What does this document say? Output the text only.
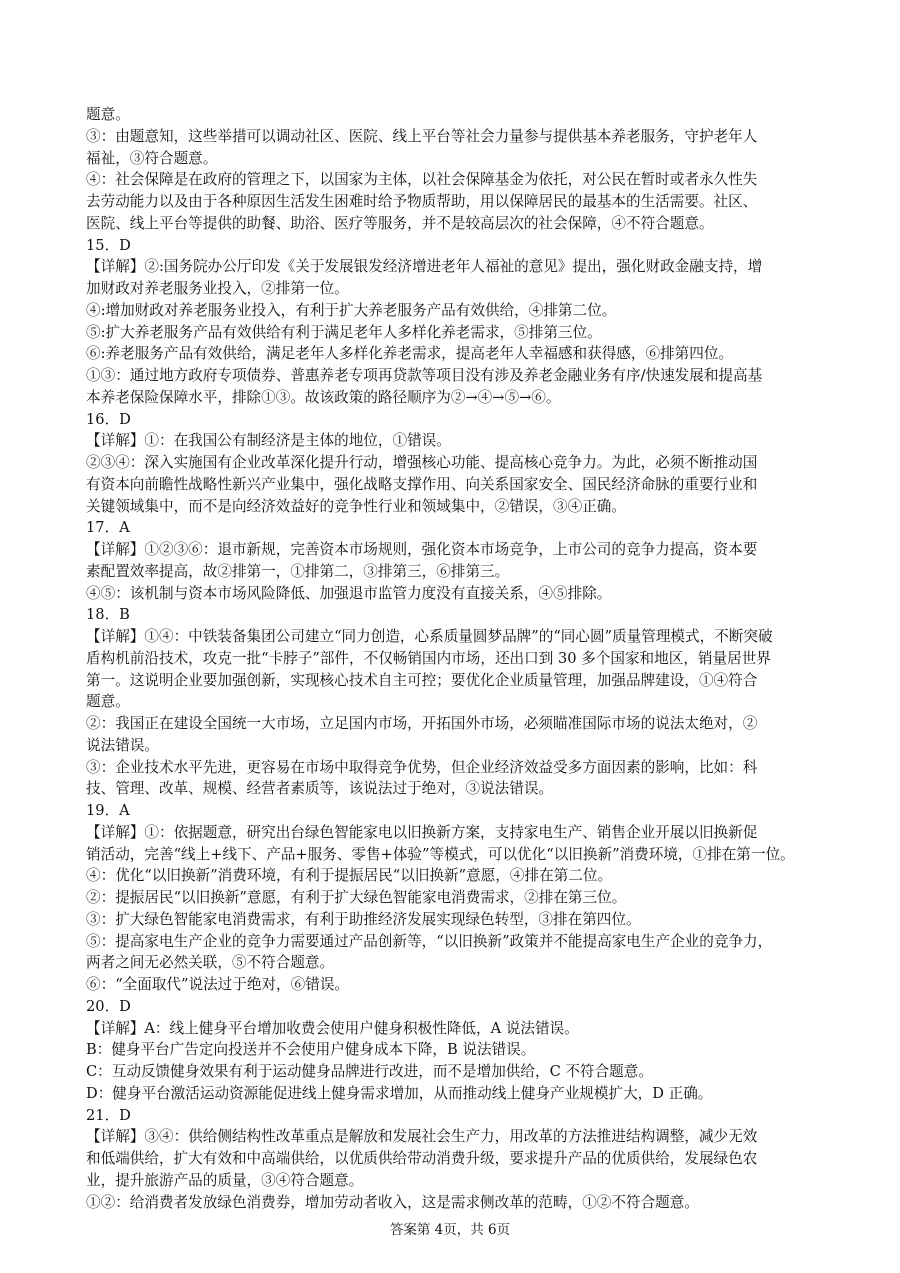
题意。
③：由题意知，这些举措可以调动社区、医院、线上平台等社会力量参与提供基本养老服务，守护老年人
福祉，③符合题意。
④：社会保障是在政府的管理之下，以国家为主体，以社会保障基金为依托，对公民在暂时或者永久性失
去劳动能力以及由于各种原因生活发生困难时给予物质帮助，用以保障居民的最基本的生活需要。社区、
医院、线上平台等提供的助餐、助浴、医疗等服务，并不是较高层次的社会保障，④不符合题意。
15．D
【详解】②:国务院办公厅印发《关于发展银发经济增进老年人福祉的意见》提出，强化财政金融支持，增
加财政对养老服务业投入，②排第一位。
④:增加财政对养老服务业投入，有利于扩大养老服务产品有效供给，④排第二位。
⑤:扩大养老服务产品有效供给有利于满足老年人多样化养老需求，⑤排第三位。
⑥:养老服务产品有效供给，满足老年人多样化养老需求，提高老年人幸福感和获得感，⑥排第四位。
①③：通过地方政府专项债券、普惠养老专项再贷款等项目没有涉及养老金融业务有序/快速发展和提高基
本养老保险保障水平，排除①③。故该政策的路径顺序为②→④→⑤→⑥。
16．D
【详解】①：在我国公有制经济是主体的地位，①错误。
②③④：深入实施国有企业改革深化提升行动，增强核心功能、提高核心竞争力。为此，必须不断推动国
有资本向前瞻性战略性新兴产业集中，强化战略支撑作用、向关系国家安全、国民经济命脉的重要行业和
关键领域集中，而不是向经济效益好的竞争性行业和领域集中，②错误，③④正确。
17．A
【详解】①②③⑥：退市新规，完善资本市场规则，强化资本市场竞争，上市公司的竞争力提高，资本要
素配置效率提高，故②排第一，①排第二，③排第三，⑥排第三。
④⑤：该机制与资本市场风险降低、加强退市监管力度没有直接关系，④⑤排除。
18．B
【详解】①④：中铁装备集团公司建立“同力创造，心系质量圆梦品牌”的“同心圆”质量管理模式，不断突破
盾构机前沿技术，攻克一批“卡脖子”部件，不仅畅销国内市场，还出口到 30 多个国家和地区，销量居世界
第一。这说明企业要加强创新，实现核心技术自主可控；要优化企业质量管理，加强品牌建设，①④符合
题意。
②：我国正在建设全国统一大市场，立足国内市场，开拓国外市场，必须瞄准国际市场的说法太绝对，②
说法错误。
③：企业技术水平先进，更容易在市场中取得竞争优势，但企业经济效益受多方面因素的影响，比如：科
技、管理、改革、规模、经营者素质等，该说法过于绝对，③说法错误。
19．A
【详解】①：依据题意，研究出台绿色智能家电以旧换新方案，支持家电生产、销售企业开展以旧换新促
销活动，完善“线上+线下、产品+服务、零售+体验”等模式，可以优化“以旧换新”消费环境，①排在第一位。
④：优化“以旧换新”消费环境，有利于提振居民“以旧换新”意愿，④排在第二位。
②：提振居民“以旧换新”意愿，有利于扩大绿色智能家电消费需求，②排在第三位。
③：扩大绿色智能家电消费需求，有利于助推经济发展实现绿色转型，③排在第四位。
⑤：提高家电生产企业的竞争力需要通过产品创新等，“以旧换新”政策并不能提高家电生产企业的竞争力，
两者之间无必然关联，⑤不符合题意。
⑥：“全面取代”说法过于绝对，⑥错误。
20．D
【详解】A：线上健身平台增加收费会使用户健身积极性降低，A 说法错误。
B：健身平台广告定向投送并不会使用户健身成本下降，B 说法错误。
C：互动反馈健身效果有利于运动健身品牌进行改进，而不是增加供给，C 不符合题意。
D：健身平台激活运动资源能促进线上健身需求增加，从而推动线上健身产业规模扩大，D 正确。
21．D
【详解】③④：供给侧结构性改革重点是解放和发展社会生产力，用改革的方法推进结构调整，减少无效
和低端供给，扩大有效和中高端供给，以优质供给带动消费升级，要求提升产品的优质供给，发展绿色农
业，提升旅游产品的质量，③④符合题意。
①②：给消费者发放绿色消费券，增加劳动者收入，这是需求侧改革的范畴，①②不符合题意。
答案第 4页，共 6页
